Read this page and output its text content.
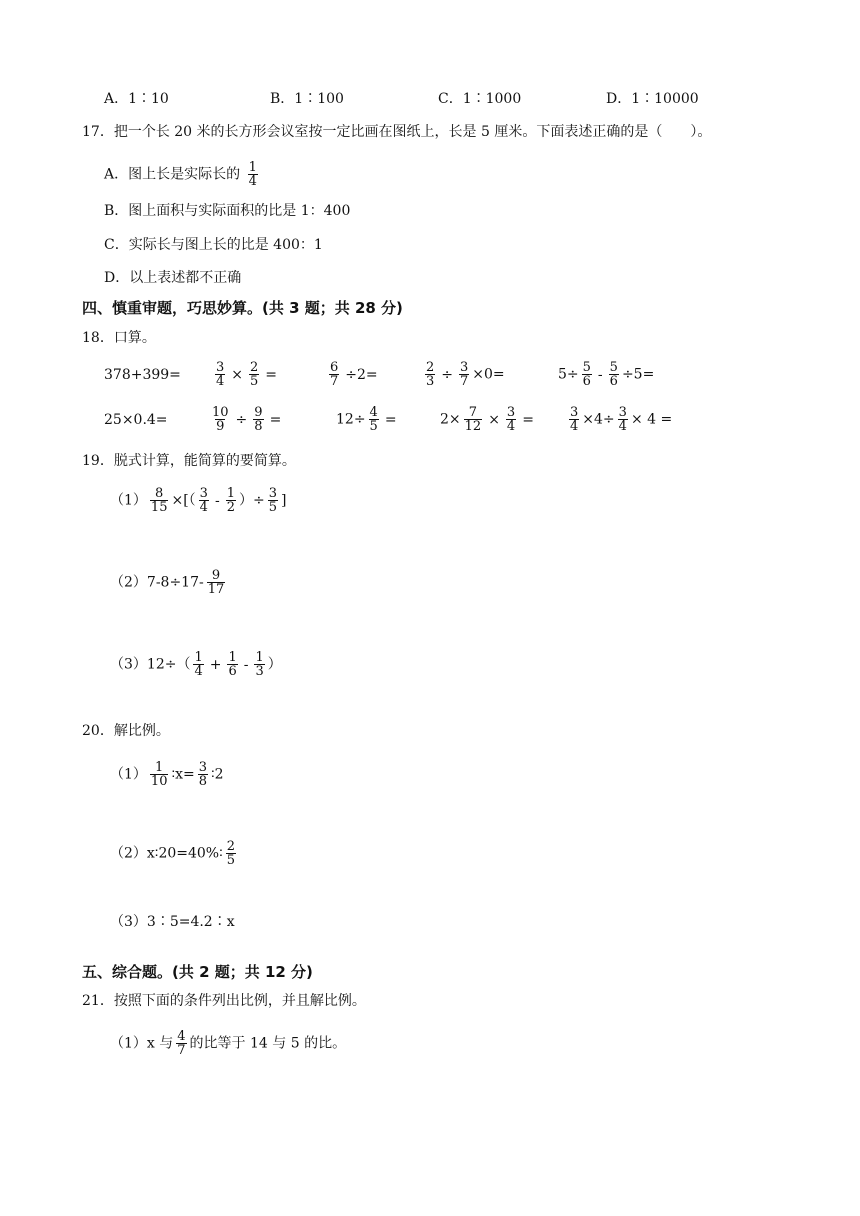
A．1∶10	B．1∶100	C．1∶1000	D．1∶10000
17．把一个长 20 米的长方形会议室按一定比画在图纸上，长是 5 厘米。下面表述正确的是（　　）。
A．图上长是实际长的 $\frac{1}{4}$
B．图上面积与实际面积的比是 1：400
C．实际长与图上长的比是 400：1
D．以上表述都不正确
四、慎重审题，巧思妙算。(共 3 题；共 28 分)
18．口算。
378+399=	$\frac{3}{4} \times \frac{2}{5}$ =	$\frac{6}{7} \div 2=$	$\frac{2}{3} \div \frac{3}{7} \times 0=$	$5\div \frac{5}{6} - \frac{5}{6} \div 5=$
25×0.4=	$\frac{10}{9} \div \frac{9}{8}$ =	$12\div \frac{4}{5}$ =	$2\times \frac{7}{12} \times \frac{3}{4}$ =	$\frac{3}{4} \times 4\div \frac{3}{4} \times 4$ =
19．脱式计算，能简算的要简算。
$(1) \frac{8}{15}$ ×[（ $\frac{3}{4} - \frac{1}{2}$ ）÷ $\frac{3}{5}$ ]
$(2)7-8\div 17- \frac{9}{17}$
$(3)12\div( \frac{1}{4} + \frac{1}{6} - \frac{1}{3}$ ）
20．解比例。
$(1) \frac{1}{10}$ ∶x= $\frac{3}{8}$ ∶2
（2）x∶20=40%∶ $\frac{2}{5}$
（3）3∶5=4.2∶x
五、综合题。(共 2 题；共 12 分)
21．按照下面的条件列出比例，并且解比例。
（1）x 与 $\frac{4}{7}$ 的比等于 14 与 5 的比。
